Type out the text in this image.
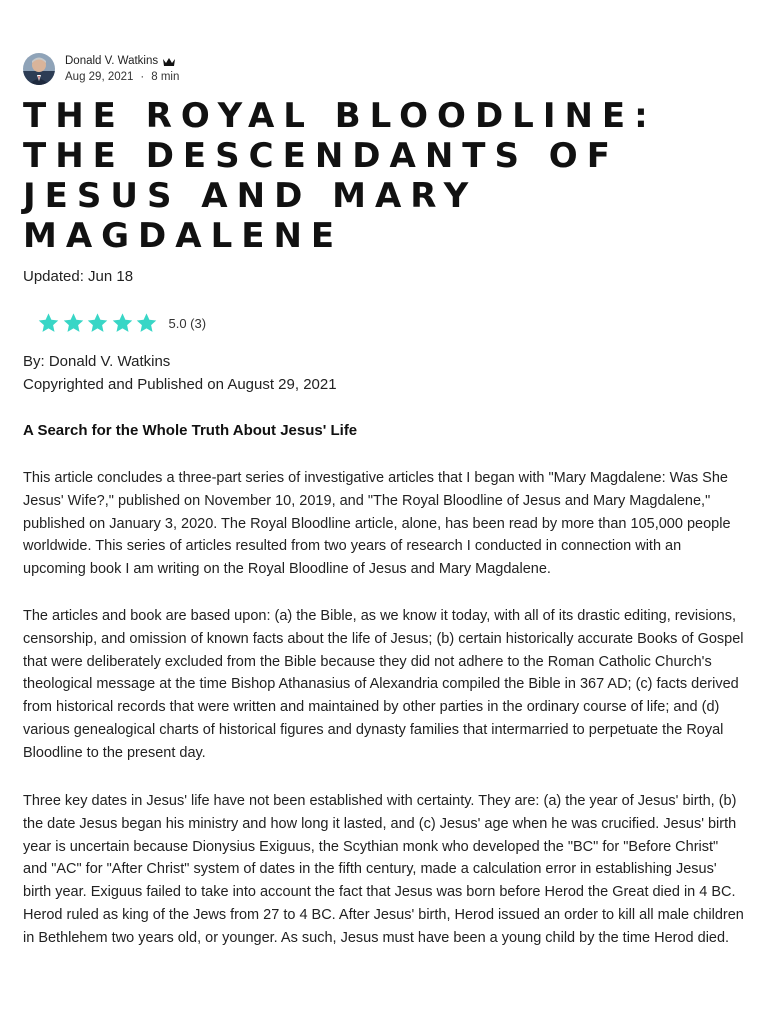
Donald V. Watkins
Aug 29, 2021 · 8 min
THE ROYAL BLOODLINE: THE DESCENDANTS OF JESUS AND MARY MAGDALENE
Updated: Jun 18
5.0 (3)
By: Donald V. Watkins
Copyrighted and Published on August 29, 2021
A Search for the Whole Truth About Jesus' Life

This article concludes a three-part series of investigative articles that I began with "Mary Magdalene: Was She Jesus' Wife?," published on November 10, 2019, and "The Royal Bloodline of Jesus and Mary Magdalene," published on January 3, 2020. The Royal Bloodline article, alone, has been read by more than 105,000 people worldwide. This series of articles resulted from two years of research I conducted in connection with an upcoming book I am writing on the Royal Bloodline of Jesus and Mary Magdalene.

The articles and book are based upon: (a) the Bible, as we know it today, with all of its drastic editing, revisions, censorship, and omission of known facts about the life of Jesus; (b) certain historically accurate Books of Gospel that were deliberately excluded from the Bible because they did not adhere to the Roman Catholic Church's theological message at the time Bishop Athanasius of Alexandria compiled the Bible in 367 AD; (c) facts derived from historical records that were written and maintained by other parties in the ordinary course of life; and (d) various genealogical charts of historical figures and dynasty families that intermarried to perpetuate the Royal Bloodline to the present day.

Three key dates in Jesus' life have not been established with certainty. They are: (a) the year of Jesus' birth, (b) the date Jesus began his ministry and how long it lasted, and (c) Jesus' age when he was crucified. Jesus' birth year is uncertain because Dionysius Exiguus, the Scythian monk who developed the "BC" for "Before Christ" and "AC" for "After Christ" system of dates in the fifth century, made a calculation error in establishing Jesus' birth year. Exiguus failed to take into account the fact that Jesus was born before Herod the Great died in 4 BC. Herod ruled as king of the Jews from 27 to 4 BC. After Jesus' birth, Herod issued an order to kill all male children in Bethlehem two years old, or younger. As such, Jesus must have been a young child by the time Herod died.
